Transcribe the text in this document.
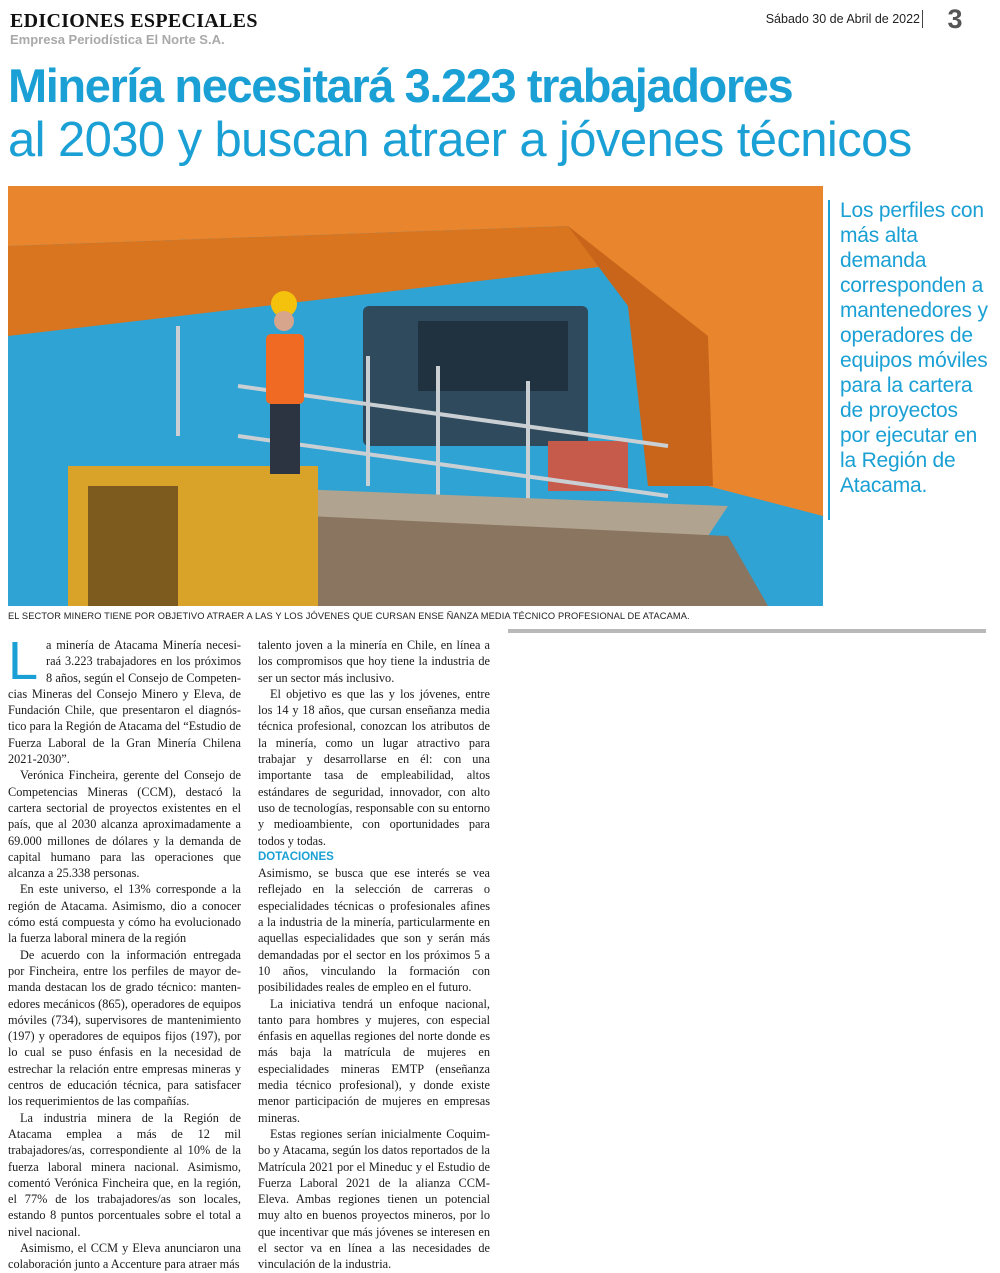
EDICIONES ESPECIALES
Empresa Periodística El Norte S.A.
Sábado 30 de Abril de 2022 3
Minería necesitará 3.223 trabajadores
al 2030 y buscan atraer a jóvenes técnicos
EL SECTOR MINERO TIENE POR OBJETIVO ATRAER A LAS Y LOS JÓVENES QUE CURSAN ENSE ÑANZA MEDIA TÉCNICO PROFESIONAL DE ATACAMA.
Los perfiles con más alta demanda corresponden a mantenedores y operadores de equipos móviles para la cartera de proyectos por ejecutar en la Región de Atacama.

La minería de Atacama Minería necesiraá 3.223 trabajadores en los próximos 8 años, según el Consejo de Competencias Mineras del Consejo Minero y Eleva, de Fundación Chile, que presentaron el diagnóstico para la Región de Atacama del “Estudio de Fuerza Laboral de la Gran Minería Chilena 2021-2030”.

Verónica Fincheira, gerente del Consejo de Competencias Mineras (CCM), destacó la cartera sectorial de proyectos existentes en el país, que al 2030 alcanza aproximadamente a 69.000 millones de dólares y la demanda de capital humano para las operaciones que alcanza a 25.338 personas.

En este universo, el 13% corresponde a la región de Atacama. Asimismo, dio a conocer cómo está compuesta y cómo ha evolucionado la fuerza laboral minera de la región

De acuerdo con la información entregada por Fincheira, entre los perfiles de mayor demanda destacan los de grado técnico: mantenedores mecánicos (865), operadores de equipos móviles (734), supervisores de mantenimiento (197) y operadores de equipos fijos (197), por lo cual se puso énfasis en la necesidad de estrechar la relación entre empresas mineras y centros de educación técnica, para satisfacer los requerimientos de las compañías.

La industria minera de la Región de Atacama emplea a más de 12 mil trabajadores/as, correspondiente al 10% de la fuerza laboral minera nacional. Asimismo, comentó Verónica Fincheira que, en la región, el 77% de los trabajadores/as son locales, estando 8 puntos porcentuales sobre el total a nivel nacional.

Asimismo, el CCM y Eleva anunciaron una colaboración junto a Accenture para atraer más

talento joven a la minería en Chile, en línea a los compromisos que hoy tiene la industria de ser un sector más inclusivo.

El objetivo es que las y los jóvenes, entre los 14 y 18 años, que cursan enseñanza media técnica profesional, conozcan los atributos de la minería, como un lugar atractivo para trabajar y desarrollarse en él: con una importante tasa de empleabilidad, altos estándares de seguridad, innovador, con alto uso de tecnologías, responsable con su entorno y medioambiente, con oportunidades para todos y todas.

DOTACIONES

Asimismo, se busca que ese interés se vea reflejado en la selección de carreras o especialidades técnicas o profesionales afines a la industria de la minería, particularmente en aquellas especialidades que son y serán más demandadas por el sector en los próximos 5 a 10 años, vinculando la formación con posibilidades reales de empleo en el futuro.

La iniciativa tendrá un enfoque nacional, tanto para hombres y mujeres, con especial énfasis en aquellas regiones del norte donde es más baja la matrícula de mujeres en especialidades mineras EMTP (enseñanza media técnico profesional), y donde existe menor participación de mujeres en empresas mineras.

Estas regiones serían inicialmente Coquimbo y Atacama, según los datos reportados de la Matrícula 2021 por el Mineduc y el Estudio de Fuerza Laboral 2021 de la alianza CCM-Eleva. Ambas regiones tienen un potencial muy alto en buenos proyectos mineros, por lo que incentivar que más jóvenes se interesen en el sector va en línea a las necesidades de vinculación de la industria.
